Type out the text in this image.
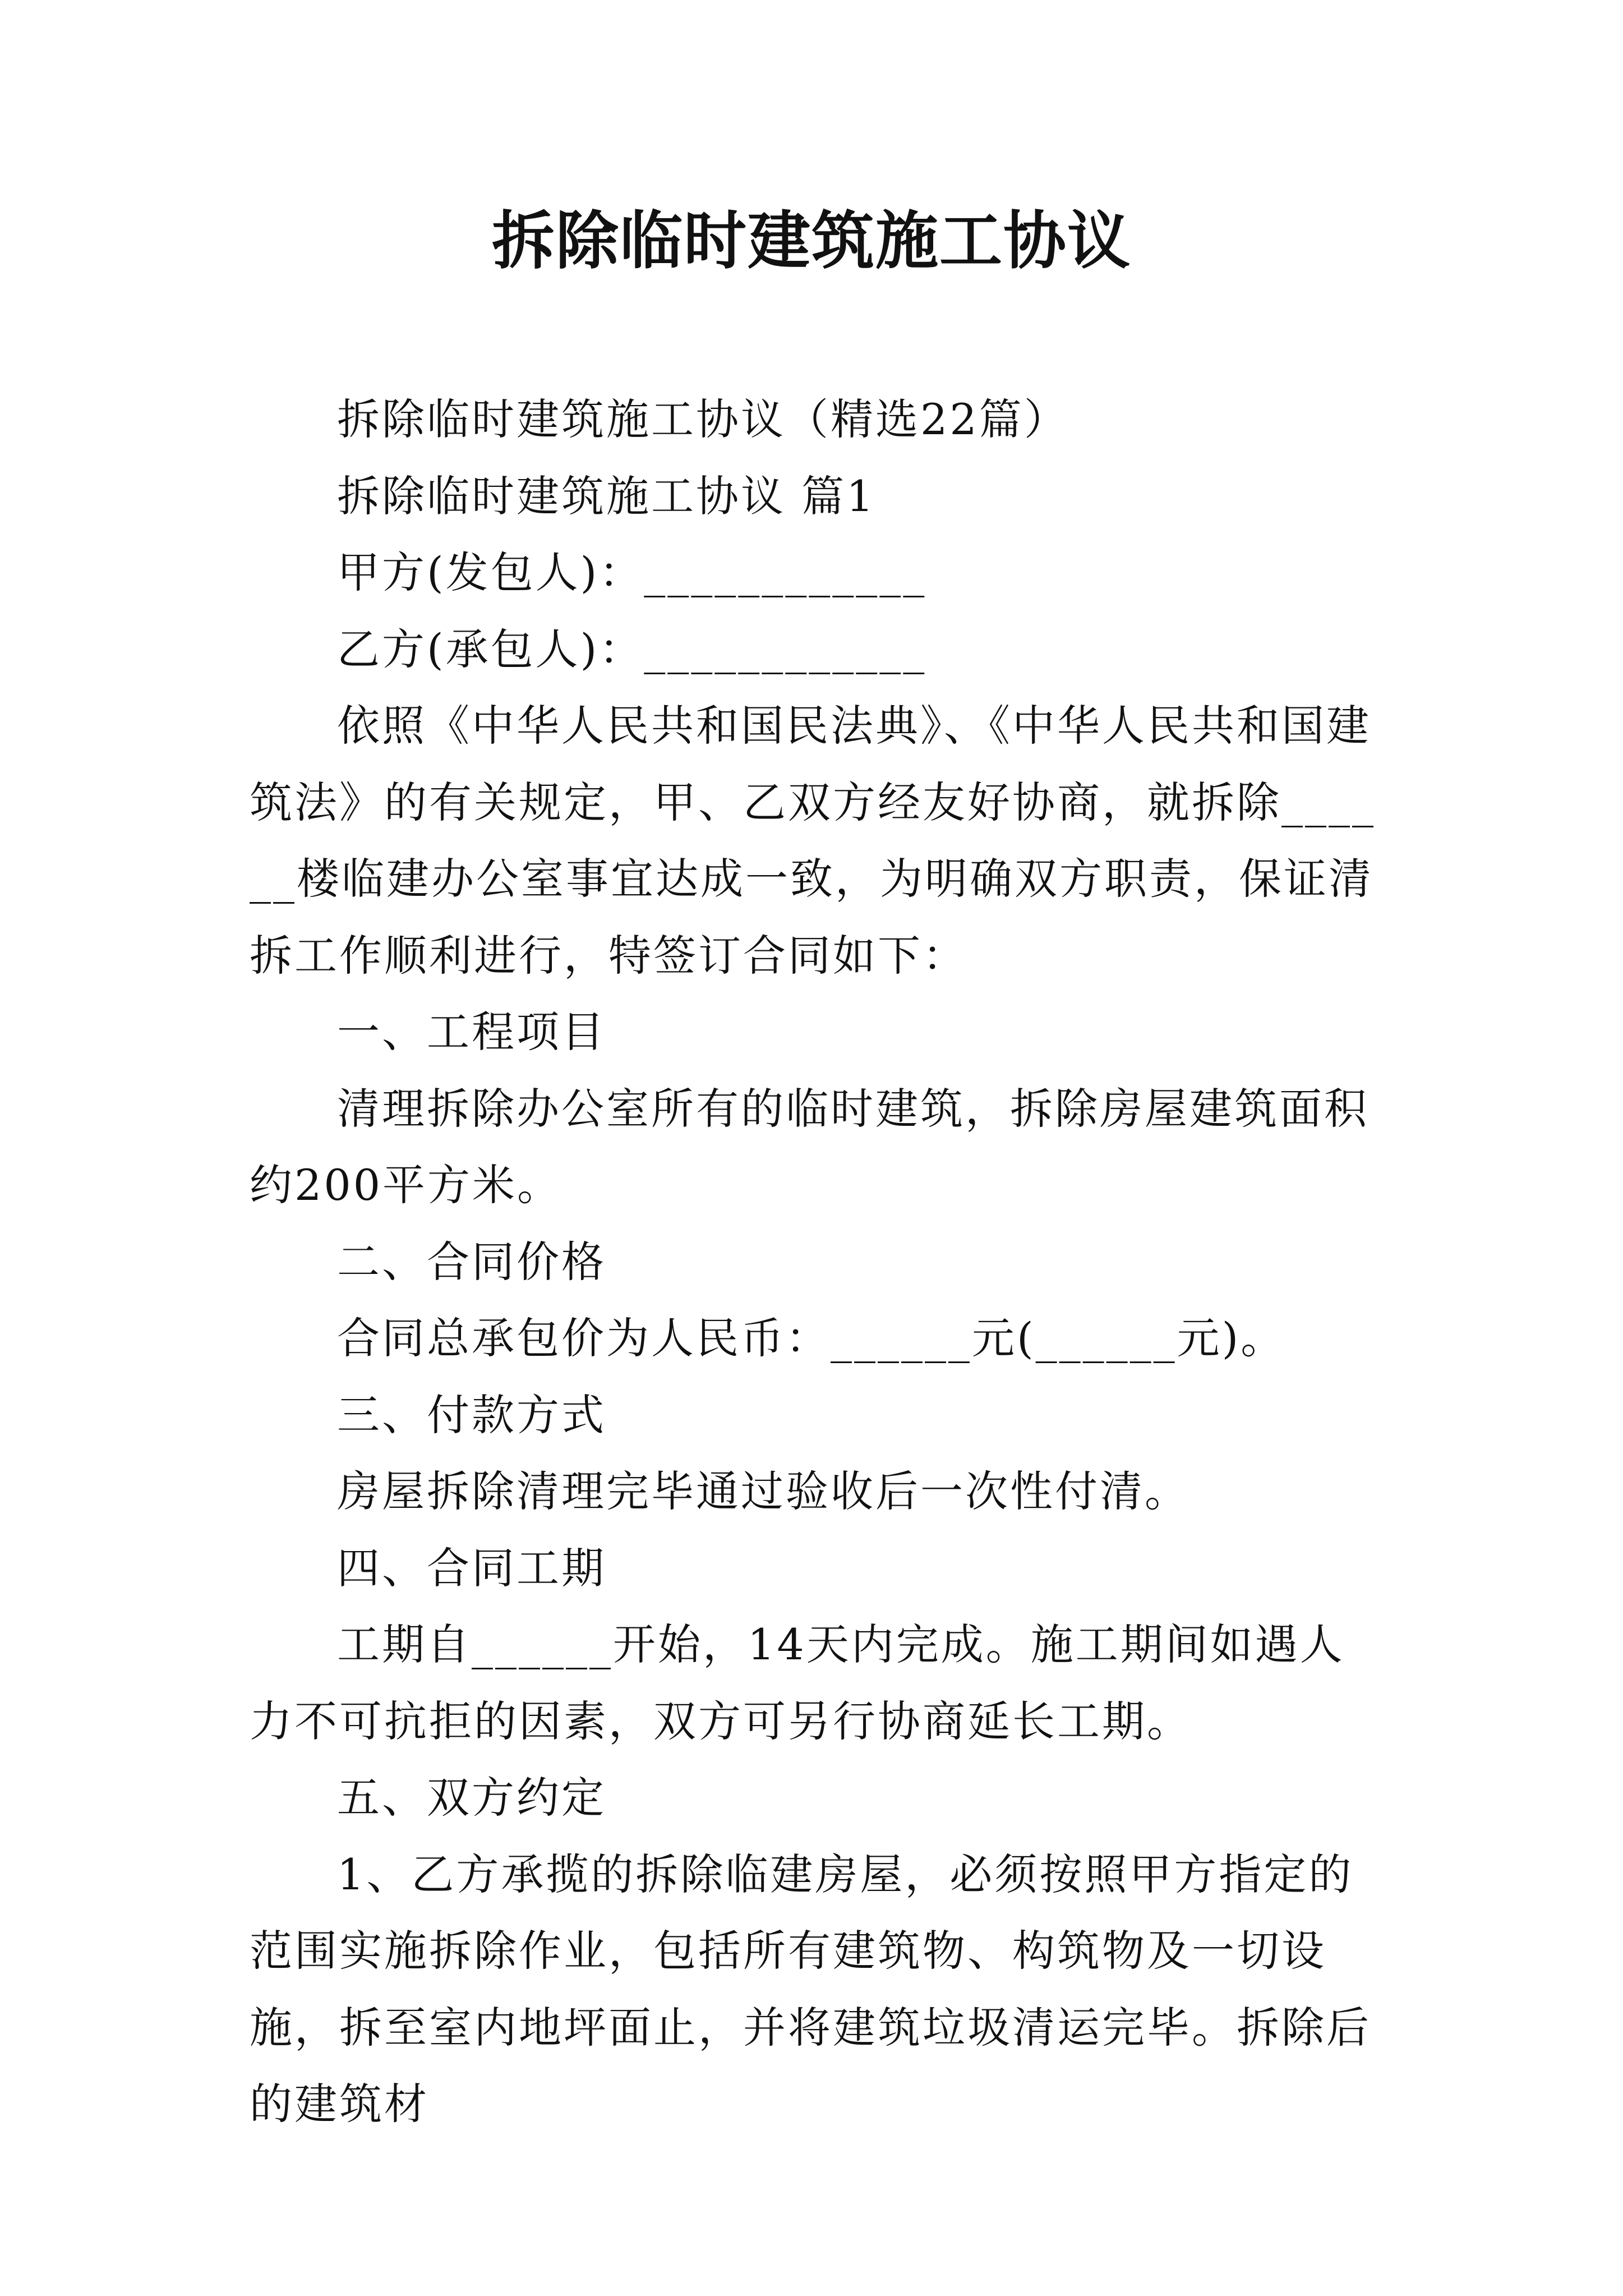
拆除临时建筑施工协议

拆除临时建筑施工协议（精选22篇）

拆除临时建筑施工协议 篇1

甲方(发包人)：____________

乙方(承包人)：____________

依照《中华人民共和国民法典》、《中华人民共和国建筑法》的有关规定，甲、乙双方经友好协商，就拆除______楼临建办公室事宜达成一致，为明确双方职责，保证清拆工作顺利进行，特签订合同如下：

一、工程项目

清理拆除办公室所有的临时建筑，拆除房屋建筑面积约200平方米。

二、合同价格

合同总承包价为人民币：______元(______元)。

三、付款方式

房屋拆除清理完毕通过验收后一次性付清。

四、合同工期

工期自______开始，14天内完成。施工期间如遇人力不可抗拒的因素，双方可另行协商延长工期。

五、双方约定

1、乙方承揽的拆除临建房屋，必须按照甲方指定的范围实施拆除作业，包括所有建筑物、构筑物及一切设施，拆至室内地坪面止，并将建筑垃圾清运完毕。拆除后的建筑材
